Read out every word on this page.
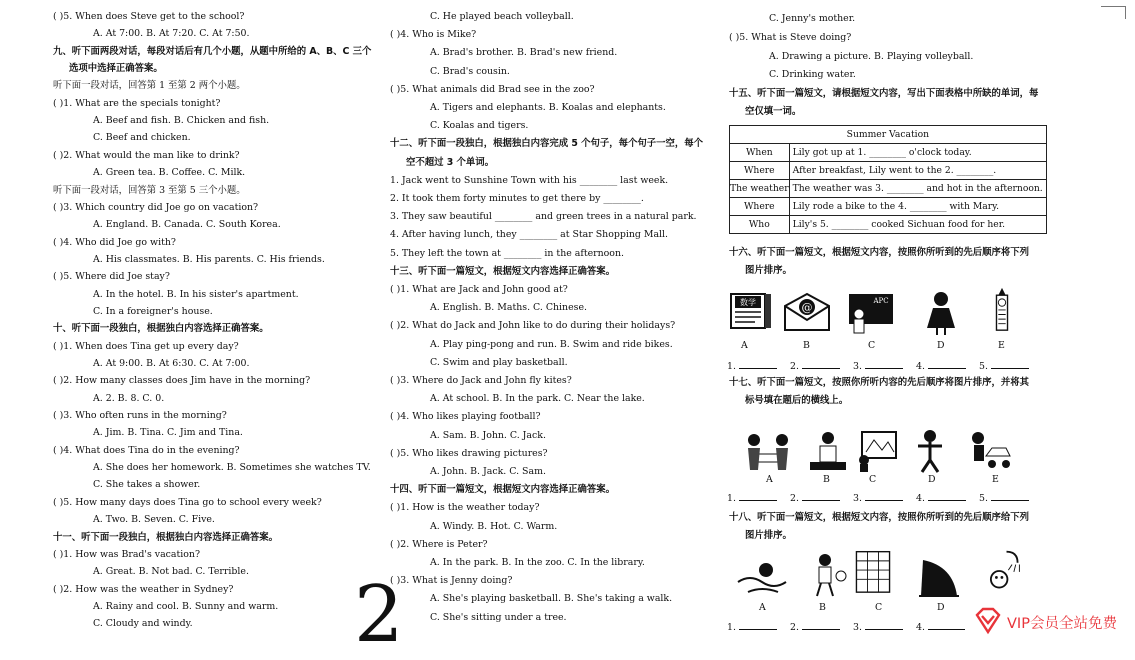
( )5. When does Steve get to the school?
A. At 7:00. B. At 7:20. C. At 7:50.
九、听下面两段对话，每段对话后有几个小题，从题中所给的 A、B、C 三个
选项中选择正确答案。
听下面一段对话，回答第 1 至第 2 两个小题。
( )1. What are the specials tonight?
A. Beef and fish. B. Chicken and fish.
C. Beef and chicken.
( )2. What would the man like to drink?
A. Green tea. B. Coffee. C. Milk.
听下面一段对话，回答第 3 至第 5 三个小题。
( )3. Which country did Joe go on vacation?
A. England. B. Canada. C. South Korea.
( )4. Who did Joe go with?
A. His classmates. B. His parents. C. His friends.
( )5. Where did Joe stay?
A. In the hotel. B. In his sister's apartment.
C. In a foreigner's house.
十、听下面一段独白，根据独白内容选择正确答案。
( )1. When does Tina get up every day?
A. At 9:00. B. At 6:30. C. At 7:00.
( )2. How many classes does Jim have in the morning?
A. 2. B. 8. C. 0.
( )3. Who often runs in the morning?
A. Jim. B. Tina. C. Jim and Tina.
( )4. What does Tina do in the evening?
A. She does her homework. B. Sometimes she watches TV.
C. She takes a shower.
( )5. How many days does Tina go to school every week?
A. Two. B. Seven. C. Five.
十一、听下面一段独白，根据独白内容选择正确答案。
( )1. How was Brad's vacation?
A. Great. B. Not bad. C. Terrible.
( )2. How was the weather in Sydney?
A. Rainy and cool. B. Sunny and warm.
C. Cloudy and windy.
C. He played beach volleyball.
( )4. Who is Mike?
A. Brad's brother. B. Brad's new friend.
C. Brad's cousin.
( )5. What animals did Brad see in the zoo?
A. Tigers and elephants. B. Koalas and elephants.
C. Koalas and tigers.
十二、听下面一段独白，根据独白内容完成 5 个句子，每个句子一空，每个
空不超过 3 个单词。
1. Jack went to Sunshine Town with his ________ last week.
2. It took them forty minutes to get there by ________.
3. They saw beautiful ________ and green trees in a natural park.
4. After having lunch, they ________ at Star Shopping Mall.
5. They left the town at ________ in the afternoon.
十三、听下面一篇短文，根据短文内容选择正确答案。
( )1. What are Jack and John good at?
A. English. B. Maths. C. Chinese.
( )2. What do Jack and John like to do during their holidays?
A. Play ping-pong and run. B. Swim and ride bikes.
C. Swim and play basketball.
( )3. Where do Jack and John fly kites?
A. At school. B. In the park. C. Near the lake.
( )4. Who likes playing football?
A. Sam. B. John. C. Jack.
( )5. Who likes drawing pictures?
A. John. B. Jack. C. Sam.
十四、听下面一篇短文，根据短文内容选择正确答案。
( )1. How is the weather today?
A. Windy. B. Hot. C. Warm.
( )2. Where is Peter?
A. In the park. B. In the zoo. C. In the library.
( )3. What is Jenny doing?
A. She's playing basketball. B. She's taking a walk.
C. She's sitting under a tree.
C. Jenny's mother.
( )5. What is Steve doing?
A. Drawing a picture. B. Playing volleyball.
C. Drinking water.
十五、听下面一篇短文，请根据短文内容，写出下面表格中所缺的单词，每
空仅填一词。
十六、听下面一篇短文，根据短文内容，按照你所听到的先后顺序将下列
图片排序。
十七、听下面一篇短文，按照你所听内容的先后顺序将图片排序，并将其
标号填在题后的横线上。
十八、听下面一篇短文，根据短文内容，按照你所听到的先后顺序给下列
图片排序。
Summer Vacation	
When	Lily got up at 1. ________ o'clock today.
Where	After breakfast, Lily went to the 2. ________.
The weather	The weather was 3. ________ and hot in the afternoon.
Where	Lily rode a bike to the 4. ________ with Mary.
Who	Lily's 5. ________ cooked Sichuan food for her.
数学	@	APC
A	B	C	D	E
1.	2.	3.	4.	5.
A	B	C	D	E
1.	2.	3.	4.	5.
A	B	C	D
1.	2.	3.	4.
2	VIP会员全站免费
